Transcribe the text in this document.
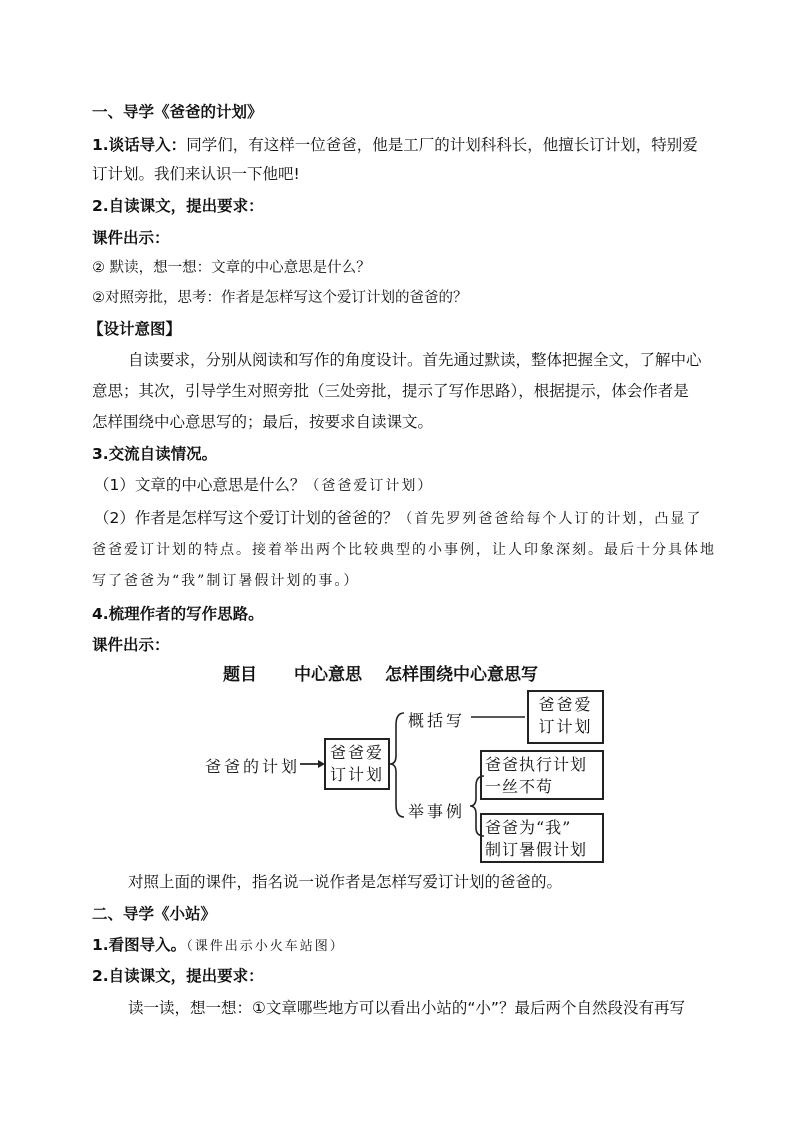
一、导学《爸爸的计划》
1.谈话导入：同学们，有这样一位爸爸，他是工厂的计划科科长，他擅长订计划，特别爱
订计划。我们来认识一下他吧!
2.自读课文，提出要求：
课件出示：
② 默读，想一想：文章的中心意思是什么？
②对照旁批，思考：作者是怎样写这个爱订计划的爸爸的？
【设计意图】
自读要求，分别从阅读和写作的角度设计。首先通过默读，整体把握全文，了解中心
意思；其次，引导学生对照旁批（三处旁批，提示了写作思路），根据提示，体会作者是
怎样围绕中心意思写的；最后，按要求自读课文。
3.交流自读情况。
（1）文章的中心意思是什么？（爸爸爱订计划）
（2）作者是怎样写这个爱订计划的爸爸的？（首先罗列爸爸给每个人订的计划，凸显了
爸爸爱订计划的特点。接着举出两个比较典型的小事例，让人印象深刻。最后十分具体地
写了爸爸为“我”制订暑假计划的事。）
4.梳理作者的写作思路。
课件出示：
题目 中心意思 怎样围绕中心意思写
爸爸的计划
爸爸爱
订计划
概括写
举事例
爸爸爱
订计划
爸爸执行计划
一丝不苟
爸爸为“我”
制订暑假计划
对照上面的课件，指名说一说作者是怎样写爱订计划的爸爸的。
二、导学《小站》
1.看图导入。（课件出示小火车站图）
2.自读课文，提出要求：
读一读，想一想：①文章哪些地方可以看出小站的“小”？最后两个自然段没有再写
